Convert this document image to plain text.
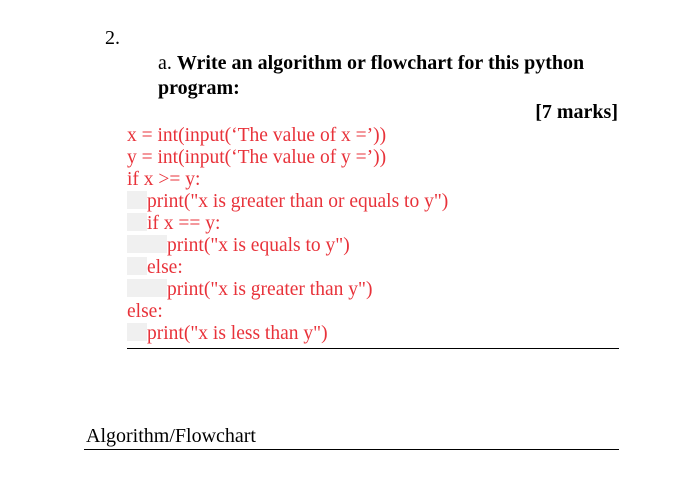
2.
a. Write an algorithm or flowchart for this python
program:
[7 marks]
x = int(input(‘The value of x =’))
y = int(input(‘The value of y =’))
if x >= y:
print("x is greater than or equals to y")
if x == y:
print("x is equals to y")
else:
print("x is greater than y")
else:
print("x is less than y")
Algorithm/Flowchart
